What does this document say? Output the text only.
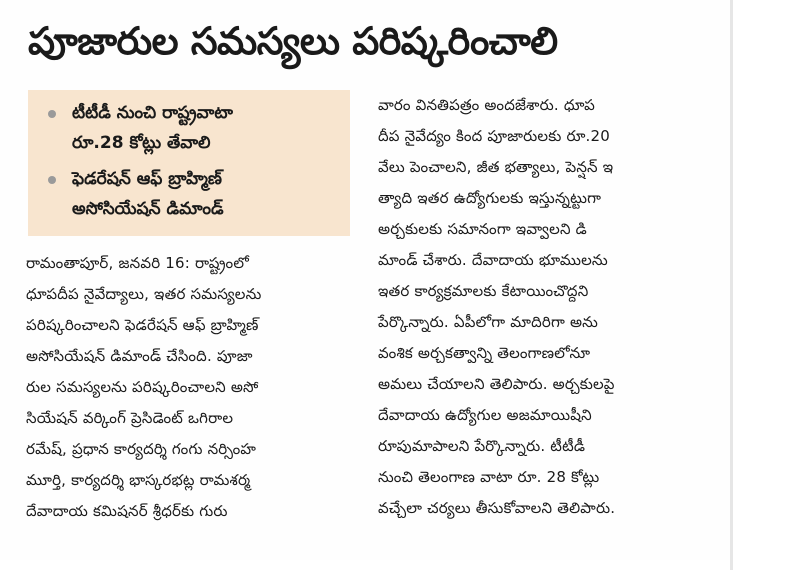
పూజారుల సమస్యలు పరిష్కరించాలి
టీటీడీ నుంచి రాష్ట్రవాటా
రూ.28 కోట్లు తేవాలి
ఫెడరేషన్ ఆఫ్ బ్రాహ్మిణ్
అసోసియేషన్ డిమాండ్
రామంతాపూర్, జనవరి 16: రాష్ట్రంలో
ధూపదీప నైవేద్యాలు, ఇతర సమస్యలను
పరిష్కరించాలని ఫెడరేషన్ ఆఫ్ బ్రాహ్మిణ్
అసోసియేషన్ డిమాండ్ చేసింది. పూజా
రుల సమస్యలను పరిష్కరించాలని అసో
సియేషన్ వర్కింగ్ ప్రెసిడెంట్ ఒగిరాల
రమేష్, ప్రధాన కార్యదర్శి గంగు నర్సింహ
మూర్తి, కార్యదర్శి భాస్కరభట్ల రామశర్మ
దేవాదాయ కమిషనర్ శ్రీధర్‌కు గురు
వారం వినతిపత్రం అందజేశారు. ధూప
దీప నైవేద్యం కింద పూజారులకు రూ.20
వేలు పెంచాలని, జీత భత్యాలు, పెన్షన్ ఇ
త్యాది ఇతర ఉద్యోగులకు ఇస్తున్నట్టుగా
అర్చకులకు సమానంగా ఇవ్వాలని డి
మాండ్ చేశారు. దేవాదాయ భూములను
ఇతర కార్యక్రమాలకు కేటాయించొద్దని
పేర్కొన్నారు. ఏపీలోగా మాదిరిగా అను
వంశిక అర్చకత్వాన్ని తెలంగాణలోనూ
అమలు చేయాలని తెలిపారు. అర్చకులపై
దేవాదాయ ఉద్యోగుల అజమాయిషీని
రూపుమాపాలని పేర్కొన్నారు. టీటీడీ
నుంచి తెలంగాణ వాటా రూ. 28 కోట్లు
వచ్చేలా చర్యలు తీసుకోవాలని తెలిపారు.
